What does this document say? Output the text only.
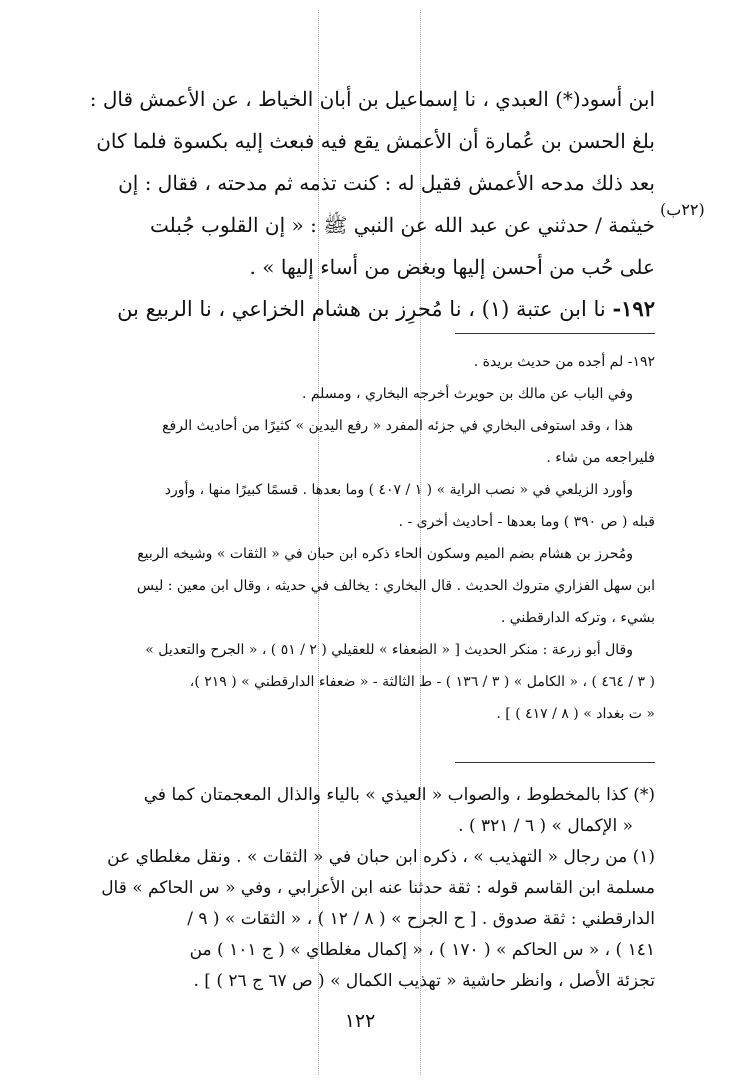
ابن أسود(*) العبدي ، نا إسماعيل بن أبان الخياط ، عن الأعمش قال :

بلغ الحسن بن عُمارة أن الأعمش يقع فيه فبعث إليه بكسوة فلما كان

بعد ذلك مدحه الأعمش فقيل له : كنت تذمه ثم مدحته ، فقال : إن

خيثمة / حدثني عن عبد الله عن النبي ﷺ : « إن القلوب جُبلت

على حُب من أحسن إليها وبغض من أساء إليها » .

١٩٢- نا ابن عتبة (١) ، نا مُحرِز بن هشام الخزاعي ، نا الربيع بن

(٢٢ب)

١٩٢- لم أجده من حديث بريدة .

وفي الباب عن مالك بن حويرث أخرجه البخاري ، ومسلم .

هذا ، وقد استوفى البخاري في جزئه المفرد « رفع اليدين » كثيرًا من أحاديث الرفع

فليراجعه من شاء .

وأورد الزيلعي في « نصب الراية » ( ١ / ٤٠٧ ) وما بعدها . قسمًا كبيرًا منها ، وأورد

قبله ( ص ٣٩٠ ) وما بعدها - أحاديث أخرى - .

ومُحرز بن هشام بضم الميم وسكون الحاء ذكره ابن حبان في « الثقات » وشيخه الربيع

ابن سهل الفزاري متروك الحديث . قال البخاري : يخالف في حديثه ، وقال ابن معين : ليس

بشيء ، وتركه الدارقطني .

وقال أبو زرعة : منكر الحديث [ « الضعفاء » للعقيلي ( ٢ / ٥١ ) ، « الجرح والتعديل »

( ٣ / ٤٦٤ ) ، « الكامل » ( ٣ / ١٣٦ ) - ط الثالثة - « ضعفاء الدارقطني » ( ٢١٩ )،

« ت بغداد » ( ٨ / ٤١٧ ) ] .

(*) كذا بالمخطوط ، والصواب « العيذي » بالياء والذال المعجمتان كما في

« الإكمال » ( ٦ / ٣٢١ ) .

(١) من رجال « التهذيب » ، ذكره ابن حبان في « الثقات » . ونقل مغلطاي عن

مسلمة ابن القاسم قوله : ثقة حدثنا عنه ابن الأعرابي ، وفي « س الحاكم » قال

الدارقطني : ثقة صدوق . [ ح الجرح » ( ٨ / ١٢ ) ، « الثقات » ( ٩ /

١٤١ ) ، « س الحاكم » ( ١٧٠ ) ، « إكمال مغلطاي » ( ج ١٠١ ) من

تجزئة الأصل ، وانظر حاشية « تهذيب الكمال » ( ص ٦٧ ج ٢٦ ) ] .

١٢٢
